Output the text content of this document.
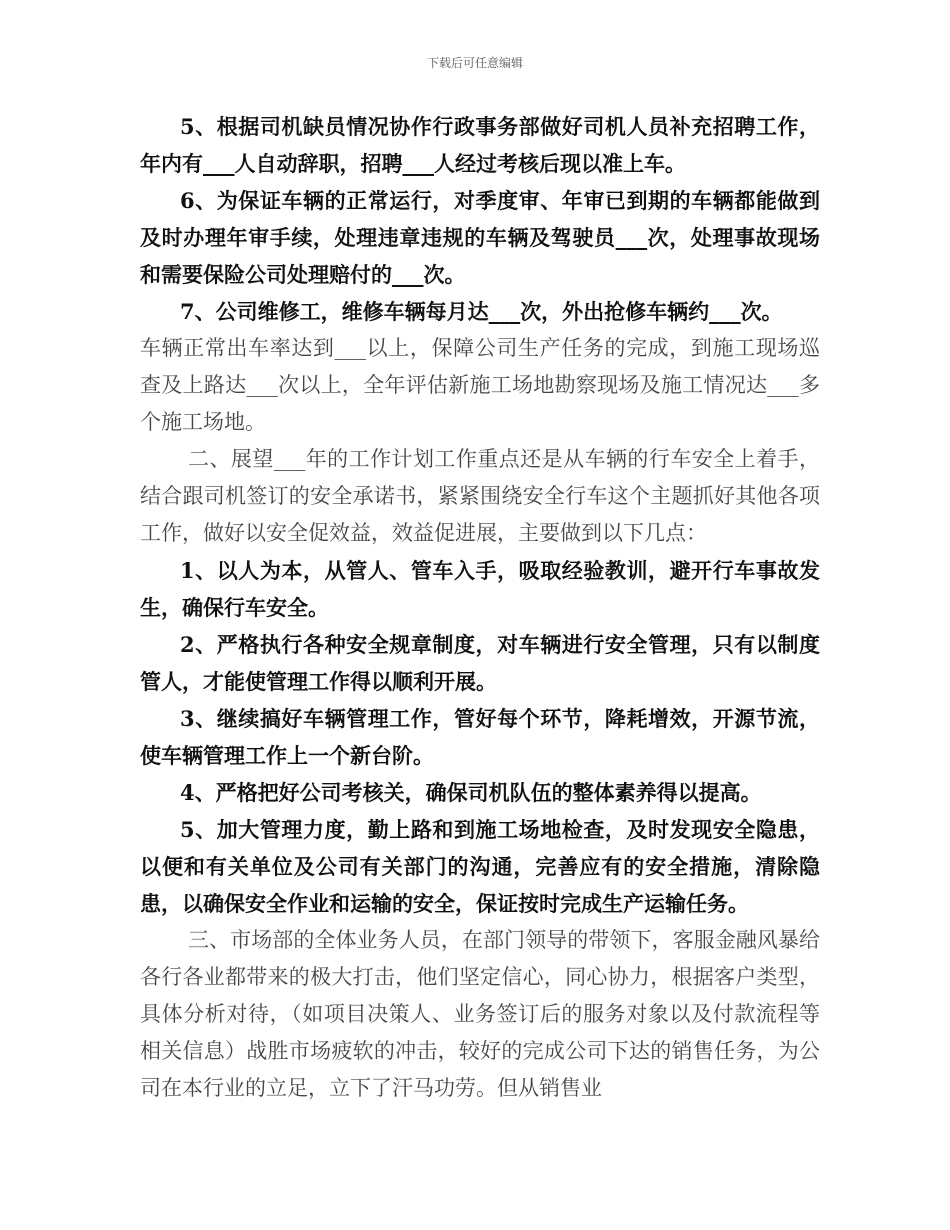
下载后可任意编辑

5、根据司机缺员情况协作行政事务部做好司机人员补充招聘工作，年内有___人自动辞职，招聘___人经过考核后现以准上车。

6、为保证车辆的正常运行，对季度审、年审已到期的车辆都能做到及时办理年审手续，处理违章违规的车辆及驾驶员___次，处理事故现场和需要保险公司处理赔付的___次。

7、公司维修工，维修车辆每月达___次，外出抢修车辆约___次。

车辆正常出车率达到___以上，保障公司生产任务的完成，到施工现场巡查及上路达___次以上，全年评估新施工场地勘察现场及施工情况达___多个施工场地。

二、展望___年的工作计划工作重点还是从车辆的行车安全上着手，结合跟司机签订的安全承诺书，紧紧围绕安全行车这个主题抓好其他各项工作，做好以安全促效益，效益促进展，主要做到以下几点：

1、以人为本，从管人、管车入手，吸取经验教训，避开行车事故发生，确保行车安全。

2、严格执行各种安全规章制度，对车辆进行安全管理，只有以制度管人，才能使管理工作得以顺利开展。

3、继续搞好车辆管理工作，管好每个环节，降耗增效，开源节流，使车辆管理工作上一个新台阶。

4、严格把好公司考核关，确保司机队伍的整体素养得以提高。

5、加大管理力度，勤上路和到施工场地检查，及时发现安全隐患，以便和有关单位及公司有关部门的沟通，完善应有的安全措施，清除隐患，以确保安全作业和运输的安全，保证按时完成生产运输任务。

三、市场部的全体业务人员，在部门领导的带领下，客服金融风暴给各行各业都带来的极大打击，他们坚定信心，同心协力，根据客户类型，具体分析对待，（如项目决策人、业务签订后的服务对象以及付款流程等相关信息）战胜市场疲软的冲击，较好的完成公司下达的销售任务，为公司在本行业的立足，立下了汗马功劳。但从销售业
